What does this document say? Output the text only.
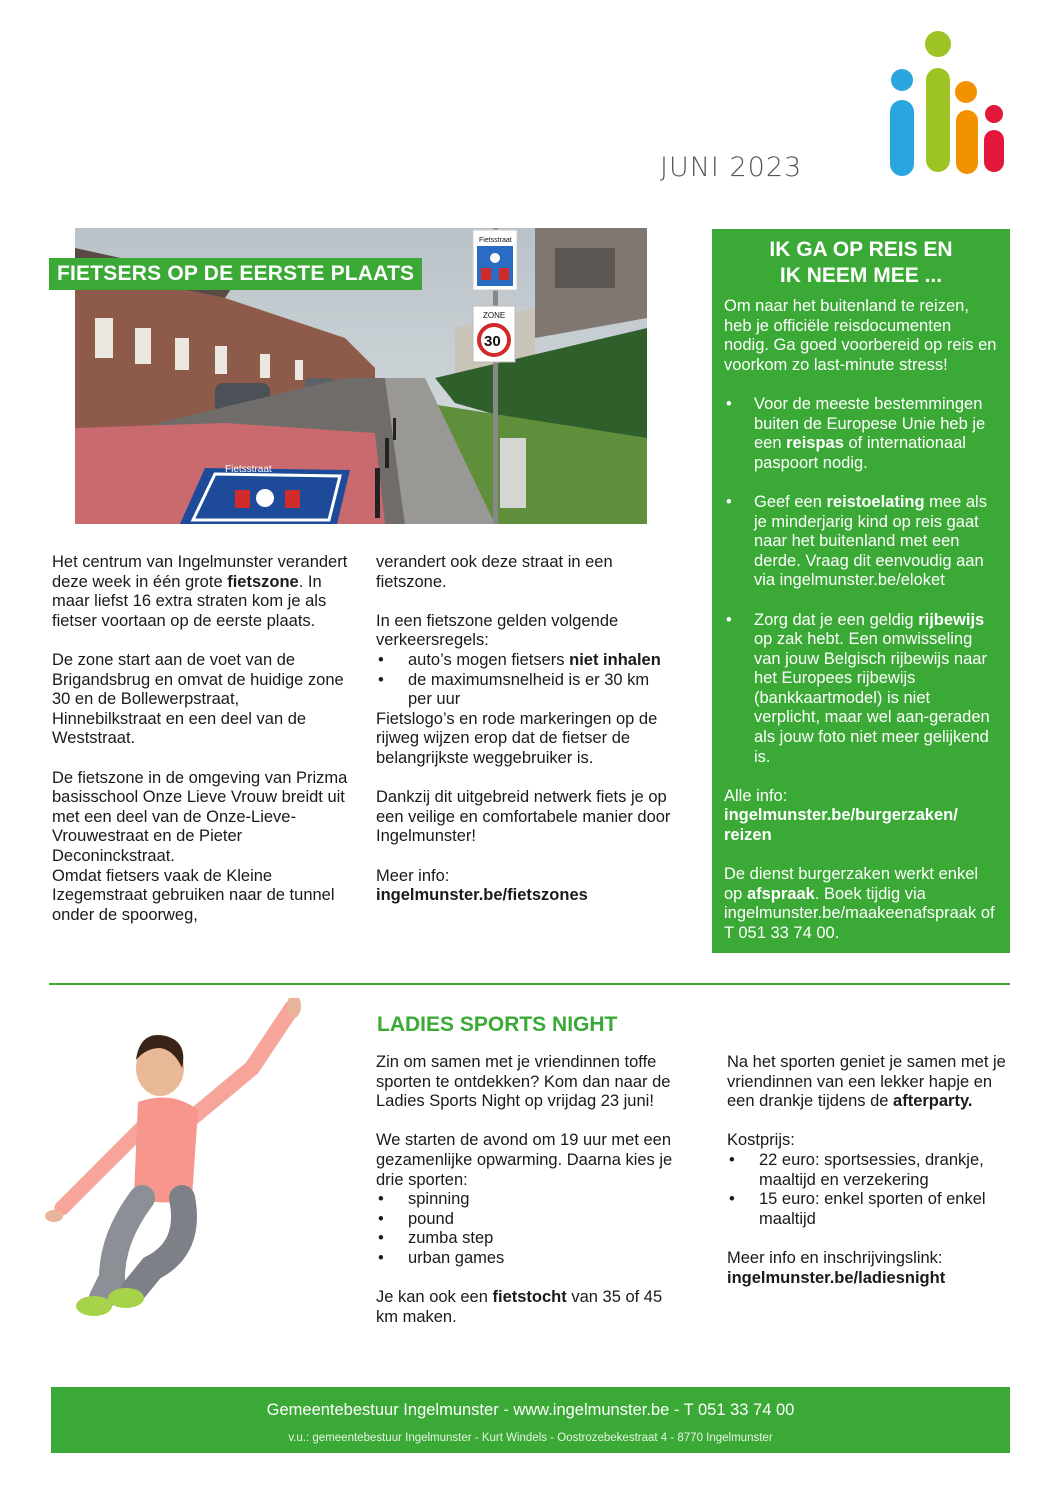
JUNI 2023
Fietsstraat
Fietsstraat
ZONE
30
FIETSERS OP DE EERSTE PLAATS

Het centrum van Ingelmunster verandert deze week in één grote fietszone. In maar liefst 16 extra straten kom je als fietser voortaan op de eerste plaats.

De zone start aan de voet van de Brigandsbrug en omvat de huidige zone 30 en de Bollewerpstraat, Hinnebilkstraat en een deel van de Weststraat.

De fietszone in de omgeving van Prizma basisschool Onze Lieve Vrouw breidt uit met een deel van de Onze-Lieve-Vrouwestraat en de Pieter Deconinckstraat.
Omdat fietsers vaak de Kleine Izegemstraat gebruiken naar de tunnel onder de spoorweg,

verandert ook deze straat in een fietszone.

In een fietszone gelden volgende verkeersregels:
• auto’s mogen fietsers niet inhalen
• de maximumsnelheid is er 30 km per uur

Fietslogo’s en rode markeringen op de rijweg wijzen erop dat de fietser de belangrijkste weggebruiker is.

Dankzij dit uitgebreid netwerk fiets je op een veilige en comfortabele manier door Ingelmunster!

Meer info:
ingelmunster.be/fietszones
IK GA OP REIS EN
IK NEEM MEE ...

Om naar het buitenland te reizen, heb je officiële reisdocumenten nodig. Ga goed voorbereid op reis en voorkom zo last-minute stress!

• Voor de meeste bestemmingen buiten de Europese Unie heb je een reispas of internationaal paspoort nodig.
• Geef een reistoelating mee als je minderjarig kind op reis gaat naar het buitenland met een derde. Vraag dit eenvoudig aan via ingelmunster.be/eloket
• Zorg dat je een geldig rijbewijs op zak hebt. Een omwisseling van jouw Belgisch rijbewijs naar het Europees rijbewijs (bankkaartmodel) is niet verplicht, maar wel aan-geraden als jouw foto niet meer gelijkend is.
Alle info:

ingelmunster.be/burgerzaken/ reizen

De dienst burgerzaken werkt enkel op afspraak. Boek tijdig via ingelmunster.be/maakeenafspraak of T 051 33 74 00.

LADIES SPORTS NIGHT

Zin om samen met je vriendinnen toffe sporten te ontdekken? Kom dan naar de Ladies Sports Night op vrijdag 23 juni!

We starten de avond om 19 uur met een gezamenlijke opwarming. Daarna kies je drie sporten:
• spinning
• pound
• zumba step
• urban games

Je kan ook een fietstocht van 35 of 45 km maken.

Na het sporten geniet je samen met je vriendinnen van een lekker hapje en een drankje tijdens de afterparty.

Kostprijs:
• 22 euro: sportsessies, drankje, maaltijd en verzekering
• 15 euro: enkel sporten of enkel maaltijd
Meer info en inschrijvingslink:
ingelmunster.be/ladiesnight
Gemeentebestuur Ingelmunster - www.ingelmunster.be - T 051 33 74 00
v.u.: gemeentebestuur Ingelmunster - Kurt Windels - Oostrozebekestraat 4 - 8770 Ingelmunster
